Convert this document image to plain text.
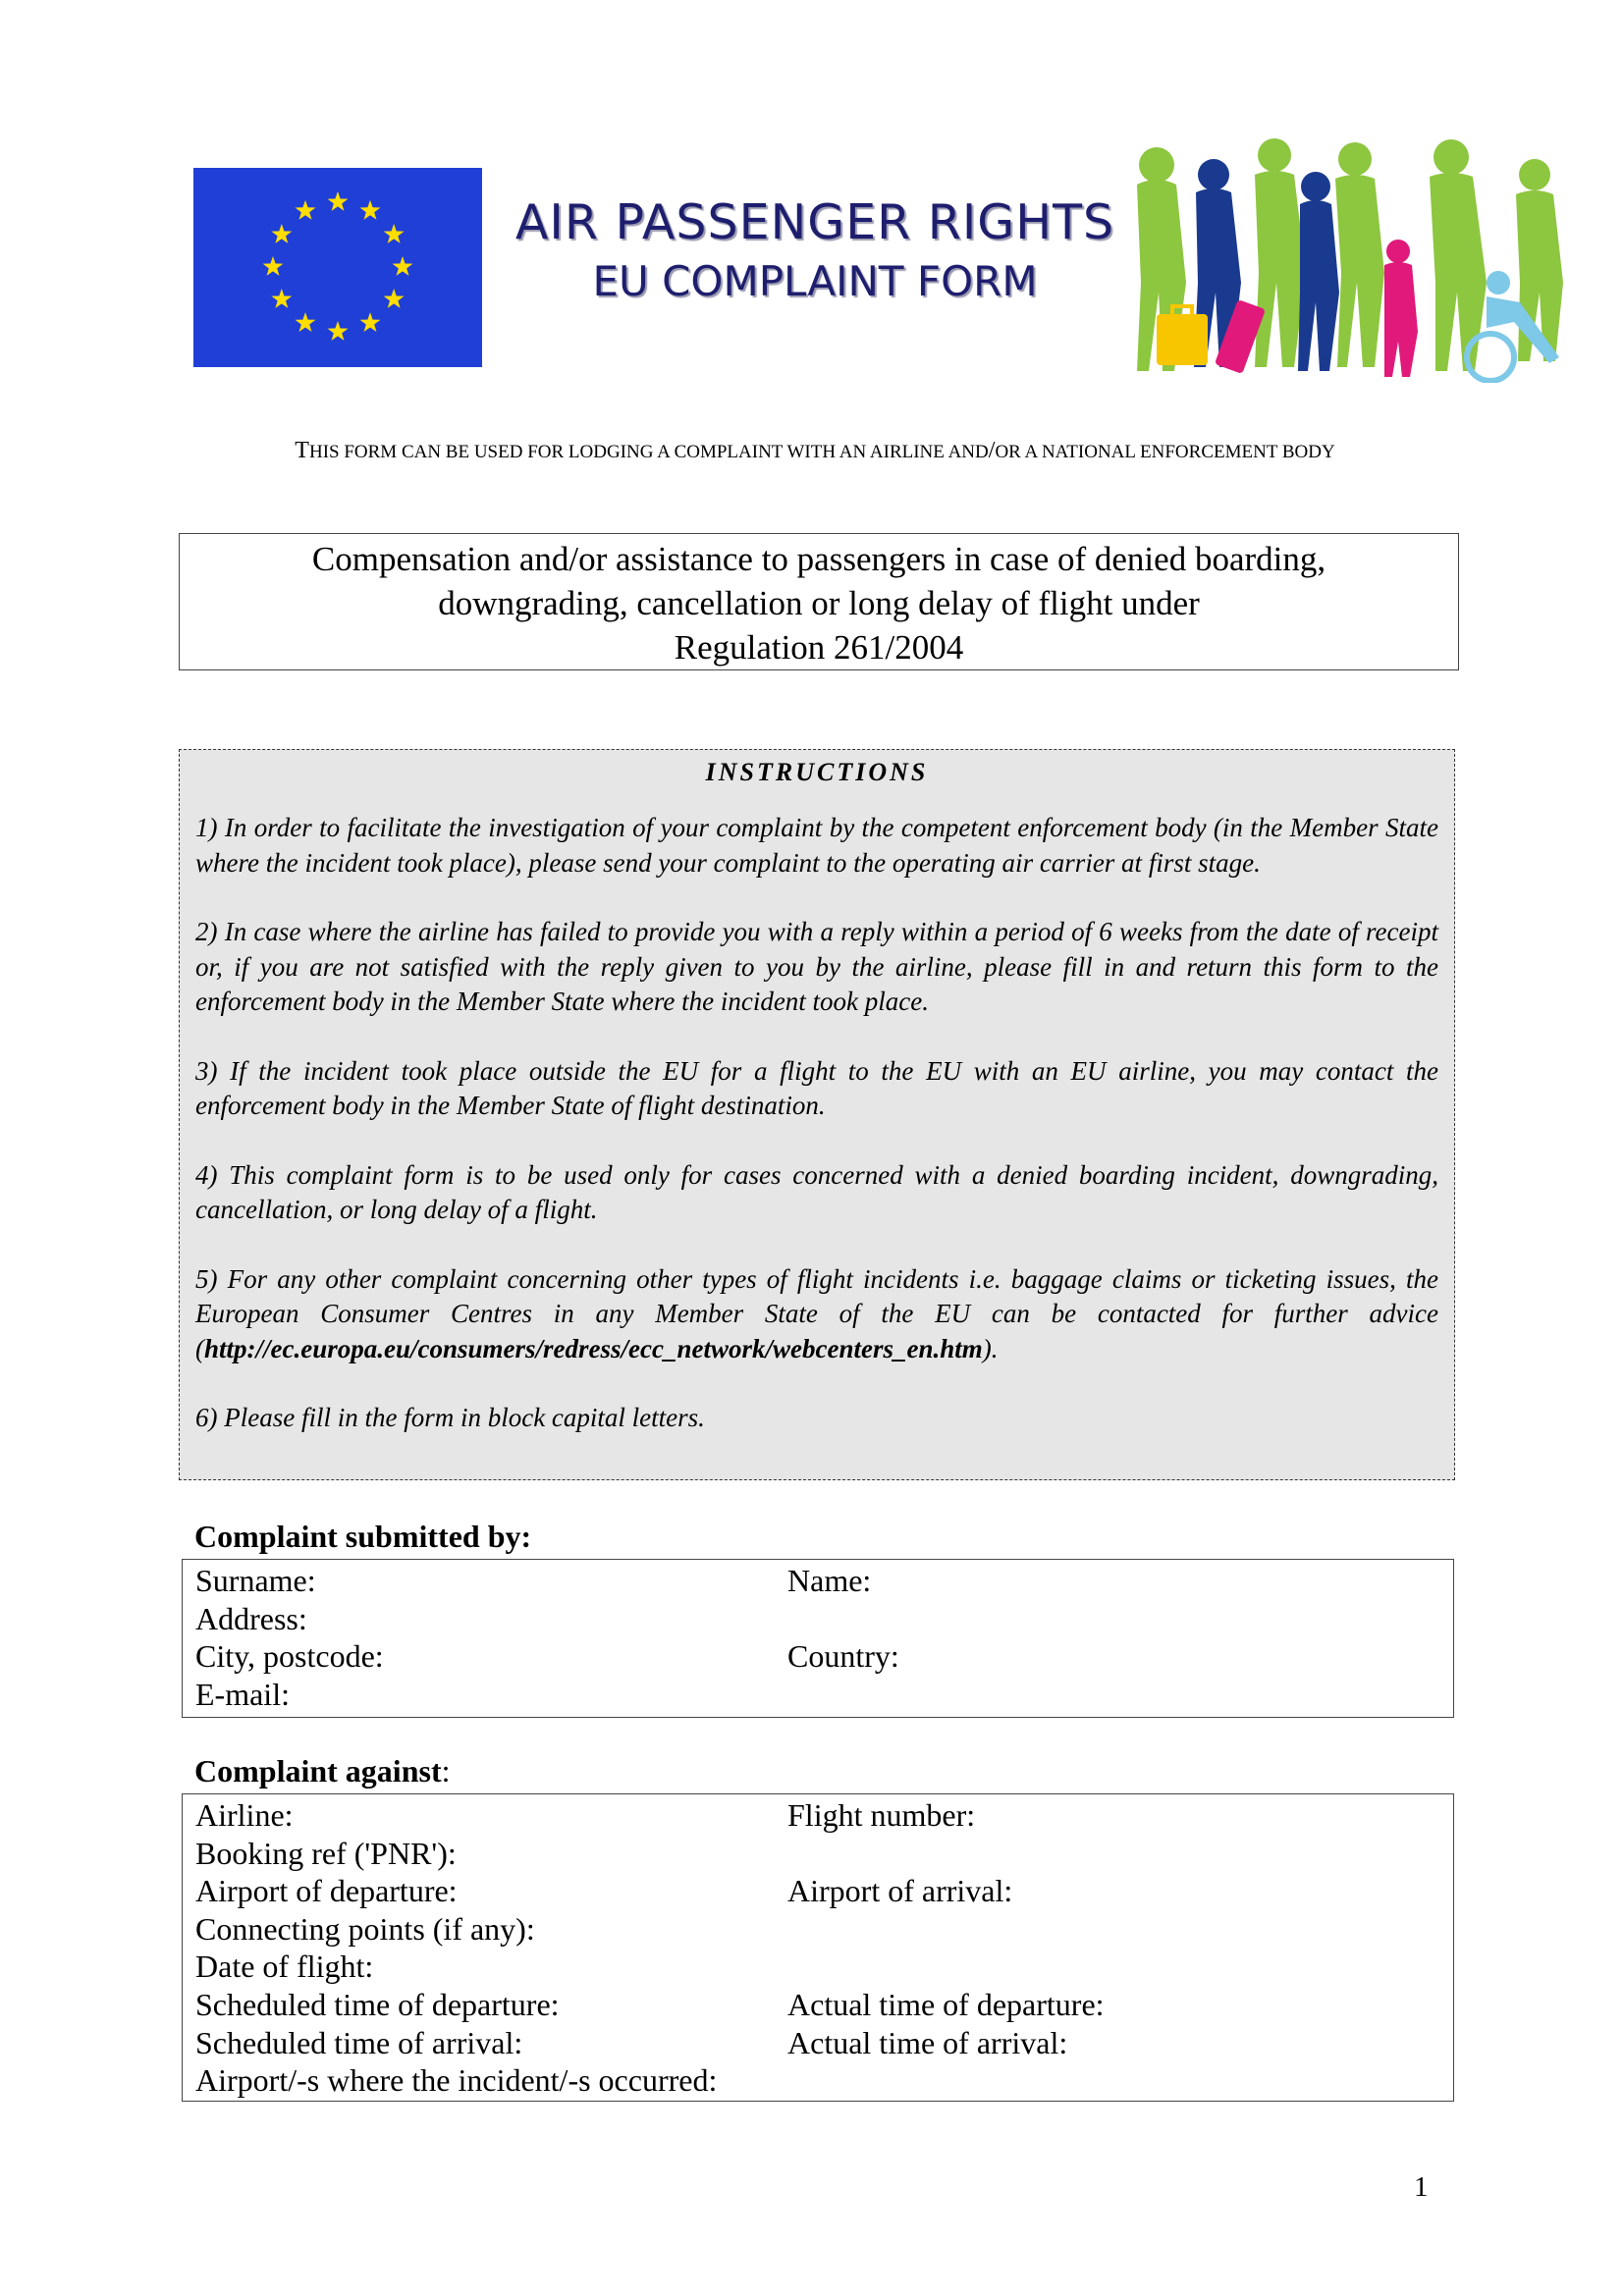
AIR PASSENGER RIGHTS
EU COMPLAINT FORM
THIS FORM CAN BE USED FOR LODGING A COMPLAINT WITH AN AIRLINE AND/OR A NATIONAL ENFORCEMENT BODY
Compensation and/or assistance to passengers in case of denied boarding,
downgrading, cancellation or long delay of flight under
Regulation 261/2004
INSTRUCTIONS

1) In order to facilitate the investigation of your complaint by the competent enforcement body (in the Member State where the incident took place), please send your complaint to the operating air carrier at first stage.

2) In case where the airline has failed to provide you with a reply within a period of 6 weeks from the date of receipt or, if you are not satisfied with the reply given to you by the airline, please fill in and return this form to the enforcement body in the Member State where the incident took place.

3) If the incident took place outside the EU for a flight to the EU with an EU airline, you may contact the enforcement body in the Member State of flight destination.

4) This complaint form is to be used only for cases concerned with a denied boarding incident, downgrading, cancellation, or long delay of a flight.

5) For any other complaint concerning other types of flight incidents i.e. baggage claims or ticketing issues, the European Consumer Centres in any Member State of the EU can be contacted for further advice (http://ec.europa.eu/consumers/redress/ecc_network/webcenters_en.htm).

6) Please fill in the form in block capital letters.

Complaint submitted by:
Surname:	Name:
Address:
City, postcode:	Country:
E-mail:
Complaint against:
Airline:	Flight number:
Booking ref ('PNR'):
Airport of departure:	Airport of arrival:
Connecting points (if any):
Date of flight:
Scheduled time of departure:	Actual time of departure:
Scheduled time of arrival:	Actual time of arrival:
Airport/-s where the incident/-s occurred:
1
